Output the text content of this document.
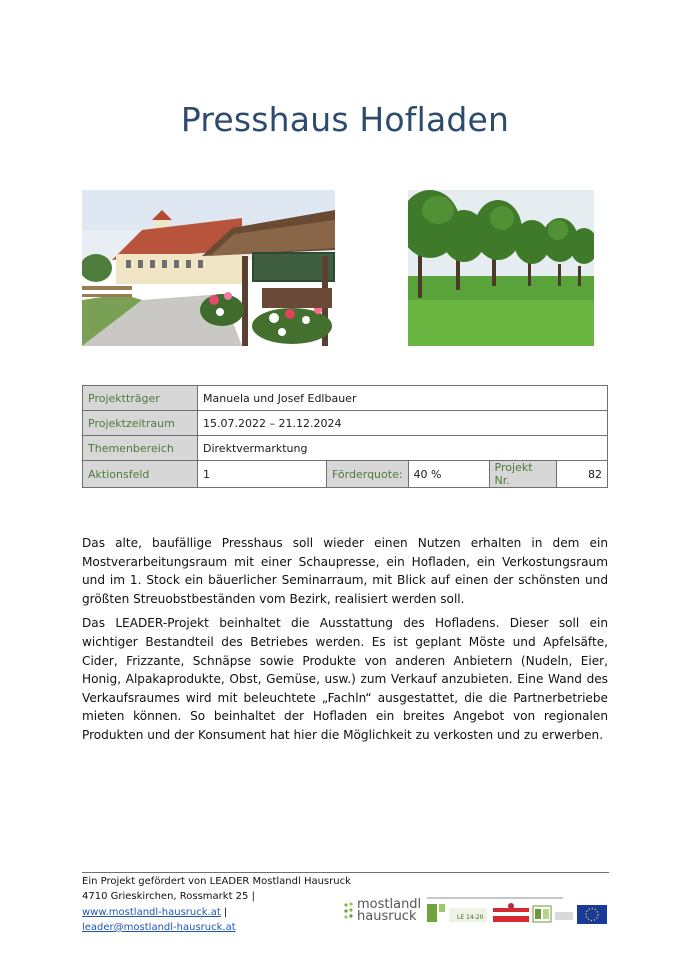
Presshaus Hofladen
Projektträger	Manuela und Josef Edlbauer				
Projektzeitraum	15.07.2022 – 21.12.2024				
Themenbereich	Direktvermarktung				
Aktionsfeld	1	Förderquote:	40 %	Projekt Nr.	82

Das alte, baufällige Presshaus soll wieder einen Nutzen erhalten in dem ein Mostverarbeitungsraum mit einer Schaupresse, ein Hofladen, ein Verkostungsraum und im 1. Stock ein bäuerlicher Seminarraum, mit Blick auf einen der schönsten und größten Streuobstbeständen vom Bezirk, realisiert werden soll.

Das LEADER-Projekt beinhaltet die Ausstattung des Hofladens. Dieser soll ein wichtiger Bestandteil des Betriebes werden. Es ist geplant Möste und Apfelsäfte, Cider, Frizzante, Schnäpse sowie Produkte von anderen Anbietern (Nudeln, Eier, Honig, Alpakaprodukte, Obst, Gemüse, usw.) zum Verkauf anzubieten. Eine Wand des Verkaufsraumes wird mit beleuchtete „Fachln“ ausgestattet, die die Partnerbetriebe mieten können. So beinhaltet der Hofladen ein breites Angebot von regionalen Produkten und der Konsument hat hier die Möglichkeit zu verkosten und zu erwerben.

Ein Projekt gefördert von LEADER Mostlandl Hausruck
4710 Grieskirchen, Rossmarkt 25 |
www.mostlandl-hausruck.at |
leader@mostlandl-hausruck.at
mostlandl
hausruck	LE 14-20
